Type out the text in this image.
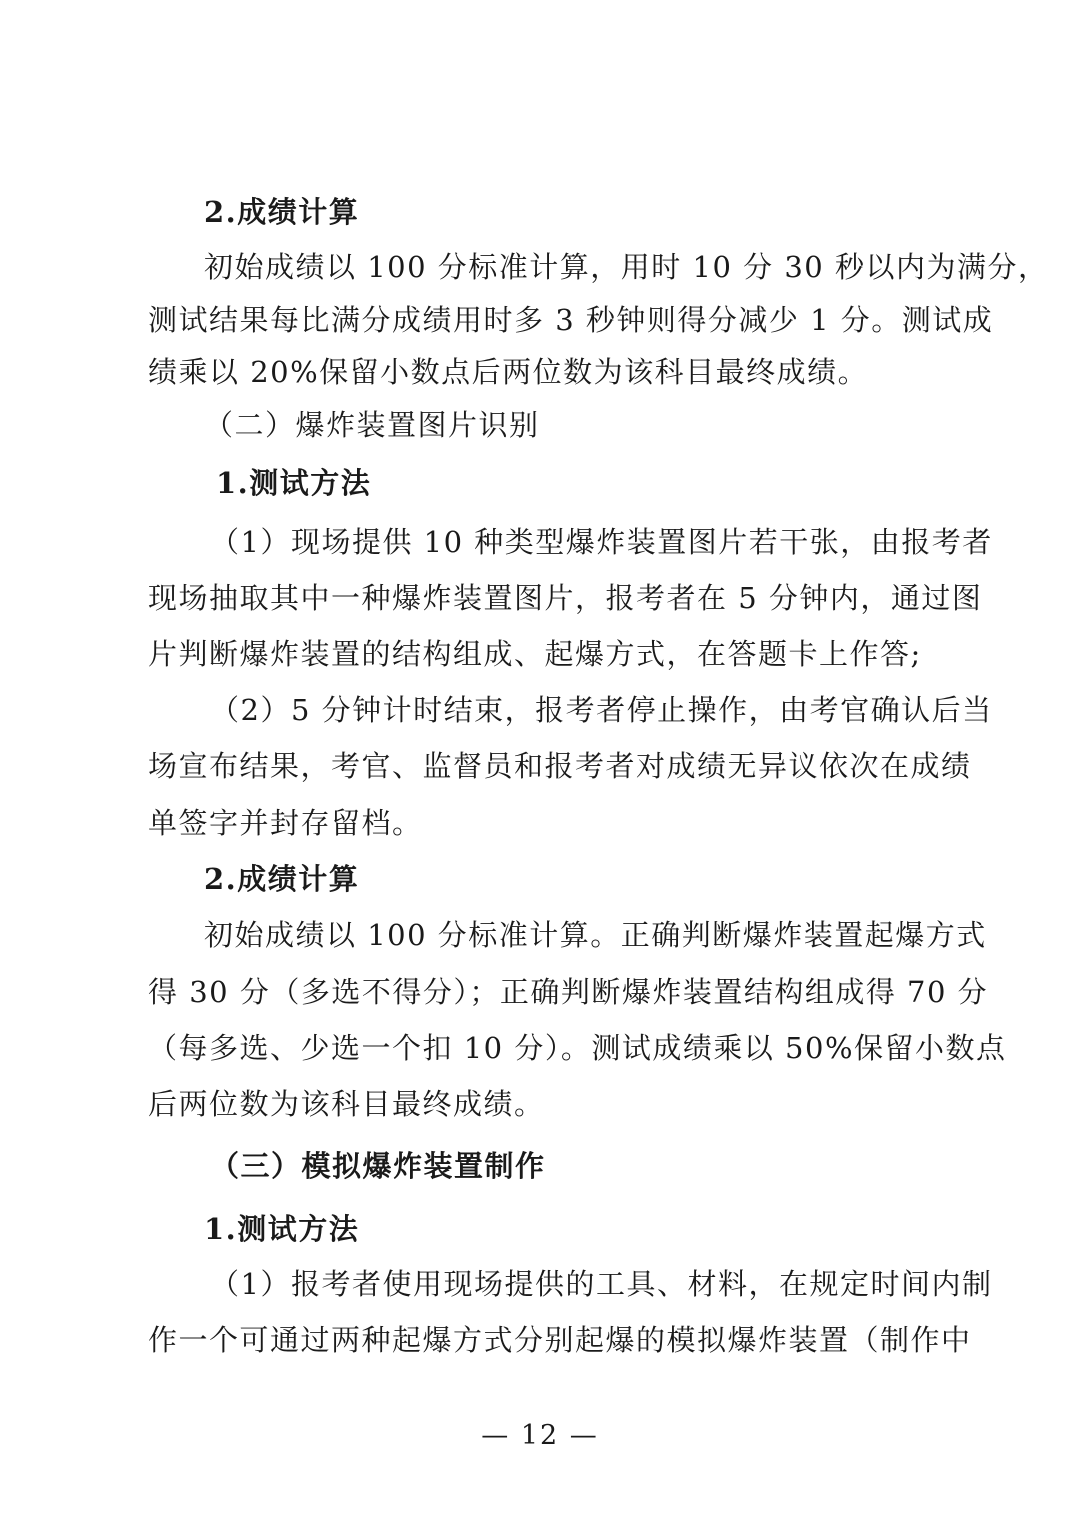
2.成绩计算
初始成绩以 100 分标准计算，用时 10 分 30 秒以内为满分，
测试结果每比满分成绩用时多 3 秒钟则得分减少 1 分。测试成
绩乘以 20%保留小数点后两位数为该科目最终成绩。
（二）爆炸装置图片识别
1.测试方法
（1）现场提供 10 种类型爆炸装置图片若干张，由报考者
现场抽取其中一种爆炸装置图片，报考者在 5 分钟内，通过图
片判断爆炸装置的结构组成、起爆方式，在答题卡上作答;
（2）5 分钟计时结束，报考者停止操作，由考官确认后当
场宣布结果，考官、监督员和报考者对成绩无异议依次在成绩
单签字并封存留档。
2.成绩计算
初始成绩以 100 分标准计算。正确判断爆炸装置起爆方式
得 30 分（多选不得分）；正确判断爆炸装置结构组成得 70 分
（每多选、少选一个扣 10 分）。测试成绩乘以 50%保留小数点
后两位数为该科目最终成绩。
（三）模拟爆炸装置制作
1.测试方法
（1）报考者使用现场提供的工具、材料，在规定时间内制
作一个可通过两种起爆方式分别起爆的模拟爆炸装置（制作中
— 12 —
